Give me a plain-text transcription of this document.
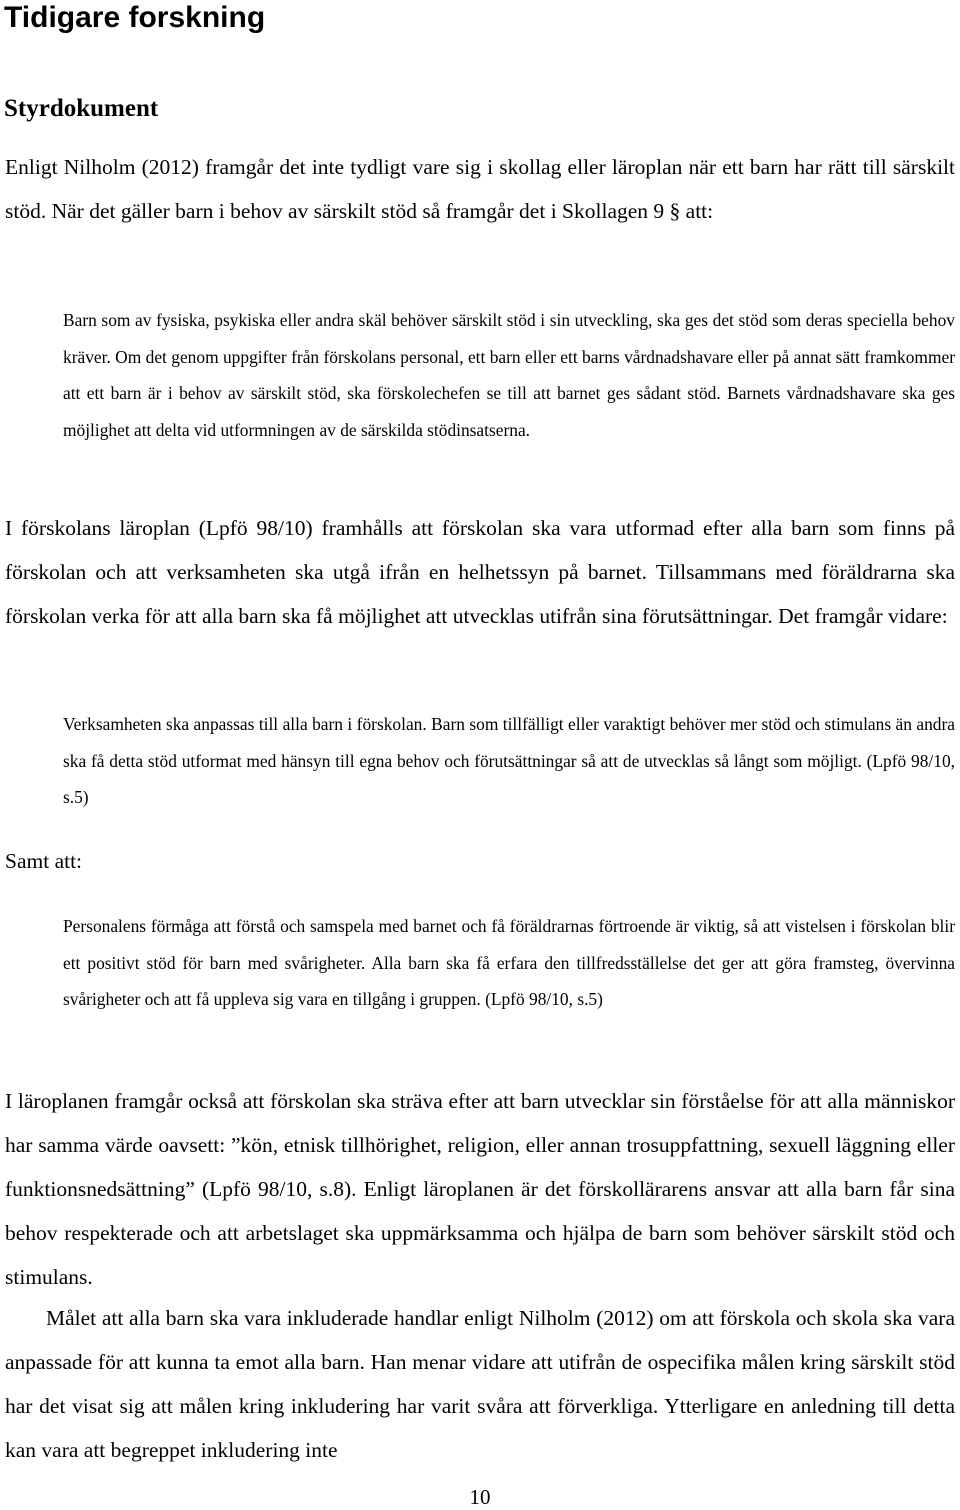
Tidigare forskning
Styrdokument

Enligt Nilholm (2012) framgår det inte tydligt vare sig i skollag eller läroplan när ett barn har rätt till särskilt stöd. När det gäller barn i behov av särskilt stöd så framgår det i Skollagen 9 § att:

Barn som av fysiska, psykiska eller andra skäl behöver särskilt stöd i sin utveckling, ska ges det stöd som deras speciella behov kräver. Om det genom uppgifter från förskolans personal, ett barn eller ett barns vårdnadshavare eller på annat sätt framkommer att ett barn är i behov av särskilt stöd, ska förskolechefen se till att barnet ges sådant stöd. Barnets vårdnadshavare ska ges möjlighet att delta vid utformningen av de särskilda stödinsatserna.

I förskolans läroplan (Lpfö 98/10) framhålls att förskolan ska vara utformad efter alla barn som finns på förskolan och att verksamheten ska utgå ifrån en helhetssyn på barnet. Tillsammans med föräldrarna ska förskolan verka för att alla barn ska få möjlighet att utvecklas utifrån sina förutsättningar. Det framgår vidare:

Verksamheten ska anpassas till alla barn i förskolan. Barn som tillfälligt eller varaktigt behöver mer stöd och stimulans än andra ska få detta stöd utformat med hänsyn till egna behov och förutsättningar så att de utvecklas så långt som möjligt. (Lpfö 98/10, s.5)

Samt att:

Personalens förmåga att förstå och samspela med barnet och få föräldrarnas förtroende är viktig, så att vistelsen i förskolan blir ett positivt stöd för barn med svårigheter. Alla barn ska få erfara den tillfredsställelse det ger att göra framsteg, övervinna svårigheter och att få uppleva sig vara en tillgång i gruppen. (Lpfö 98/10, s.5)

I läroplanen framgår också att förskolan ska sträva efter att barn utvecklar sin förståelse för att alla människor har samma värde oavsett: ”kön, etnisk tillhörighet, religion, eller annan trosuppfattning, sexuell läggning eller funktionsnedsättning” (Lpfö 98/10, s.8). Enligt läroplanen är det förskollärarens ansvar att alla barn får sina behov respekterade och att arbetslaget ska uppmärksamma och hjälpa de barn som behöver särskilt stöd och stimulans.

Målet att alla barn ska vara inkluderade handlar enligt Nilholm (2012) om att förskola och skola ska vara anpassade för att kunna ta emot alla barn. Han menar vidare att utifrån de ospecifika målen kring särskilt stöd har det visat sig att målen kring inkludering har varit svåra att förverkliga. Ytterligare en anledning till detta kan vara att begreppet inkludering inte

10
